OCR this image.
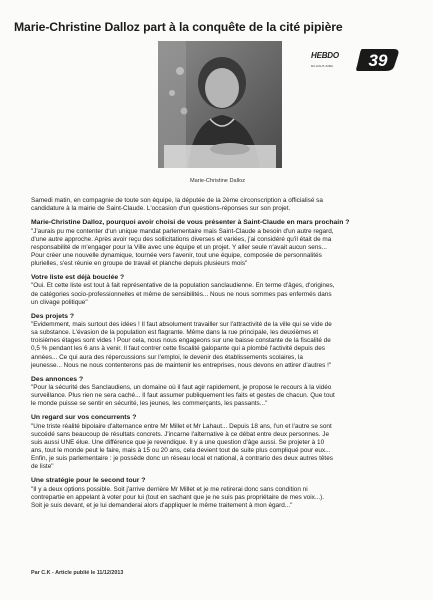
Marie-Christine Dalloz part à la conquête de la cité pipière
HEBDO
DU HAUT-JURA 39
Marie-Christine Dalloz

Samedi matin, en compagnie de toute son équipe, la députée de la 2ème circonscription a officialisé sa
candidature à la mairie de Saint-Claude. L'occasion d'un questions-réponses sur son projet.

Marie-Christine Dalloz, pourquoi avoir choisi de vous présenter à Saint-Claude en mars prochain ?

"J'aurais pu me contenter d'un unique mandat parlementaire mais Saint-Claude a besoin d'un autre regard,
d'une autre approche. Après avoir reçu des sollicitations diverses et variées, j'ai considéré qu'il était de ma
responsabilité de m'engager pour la Ville avec une équipe et un projet. Y aller seule n'avait aucun sens...
Pour créer une nouvelle dynamique, tournée vers l'avenir, tout une équipe, composée de personnalités
plurielles, s'est réunie en groupe de travail et planche depuis plusieurs mois"

Votre liste est déjà bouclée ?

"Oui. Et cette liste est tout à fait représentative de la population sanclaudienne. En terme d'âges, d'origines,
de catégories socio-professionnelles et même de sensibilités... Nous ne nous sommes pas enfermés dans
un clivage politique"

Des projets ?

"Evidemment, mais surtout des idées ! Il faut absolument travailler sur l'attractivité de la ville qui se vide de
sa substance. L'évasion de la population est flagrante. Même dans la rue principale, les deuxièmes et
troisièmes étages sont vides ! Pour cela, nous nous engageons sur une baisse constante de la fiscalité de
0,5 % pendant les 6 ans à venir. Il faut contrer cette fiscalité galopante qui a plombé l'activité depuis des
années... Ce qui aura des répercussions sur l'emploi, le devenir des établissements scolaires, la
jeunesse... Nous ne nous contenterons pas de maintenir les entreprises, nous devons en attirer d'autres !"

Des annonces ?

"Pour la sécurité des Sanclaudiens, un domaine où il faut agir rapidement, je propose le recours à la vidéo
surveillance. Plus rien ne sera caché... Il faut assumer publiquement les faits et gestes de chacun. Que tout
le monde puisse se sentir en sécurité, les jeunes, les commerçants, les passants..."

Un regard sur vos concurrents ?

"Une triste réalité bipolaire d'alternance entre Mr Millet et Mr Lahaut... Depuis 18 ans, l'un et l'autre se sont
succédé sans beaucoup de résultats concrets. J'incarne l'alternative à ce débat entre deux personnes. Je
suis aussi UNE élue. Une différence que je revendique. Il y a une question d'âge aussi. Se projeter à 10
ans, tout le monde peut le faire, mais à 15 ou 20 ans, cela devient tout de suite plus compliqué pour eux...
Enfin, je suis parlementaire : je possède donc un réseau local et national, à contrario des deux autres têtes
de liste"

Une stratégie pour le second tour ?

"Il y a deux options possible. Soit j'arrive derrière Mr Millet et je me retirerai donc sans condition ni
contrepartie en appelant à voter pour lui (tout en sachant que je ne suis pas propriétaire de mes voix...).
Soit je suis devant, et je lui demanderai alors d'appliquer le même traitement à mon égard..."

Par C.K - Article publié le 11/12/2013
